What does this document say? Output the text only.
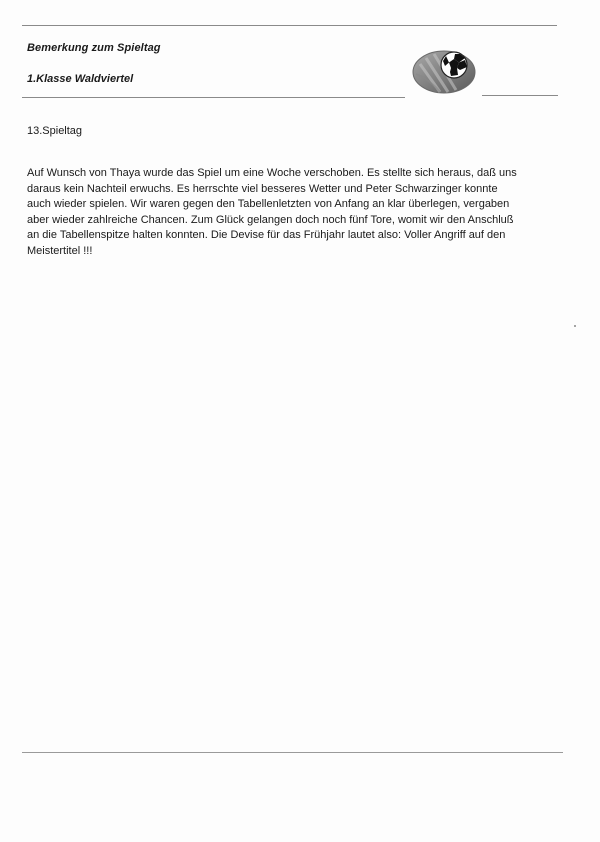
Bemerkung zum Spieltag
1.Klasse Waldviertel
13.Spieltag

Auf Wunsch von Thaya wurde das Spiel um eine Woche verschoben. Es stellte sich heraus, daß uns
daraus kein Nachteil erwuchs. Es herrschte viel besseres Wetter und Peter Schwarzinger konnte
auch wieder spielen. Wir waren gegen den Tabellenletzten von Anfang an klar überlegen, vergaben
aber wieder zahlreiche Chancen. Zum Glück gelangen doch noch fünf Tore, womit wir den Anschluß
an die Tabellenspitze halten konnten. Die Devise für das Frühjahr lautet also: Voller Angriff auf den
Meistertitel !!!
